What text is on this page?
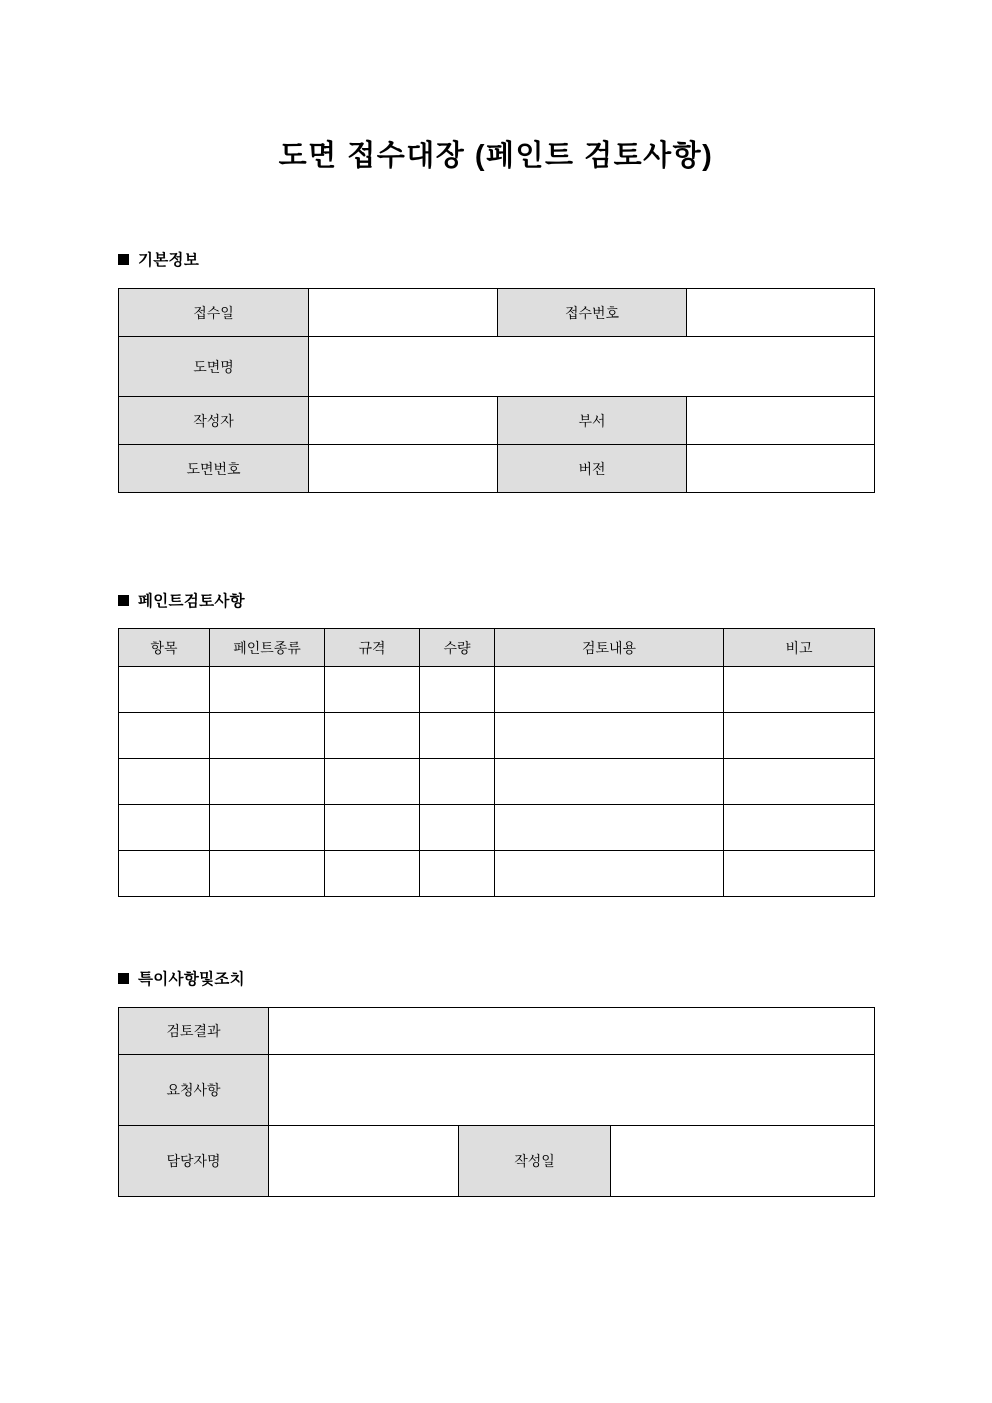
도면 접수대장 (페인트 검토사항)
기본정보
접수일		접수번호	
도면명			
작성자		부서	
도면번호		버전	
페인트검토사항
항목	페인트종류	규격	수량	검토내용	비고

특이사항및조치
검토결과			
요청사항			
담당자명		작성일	
